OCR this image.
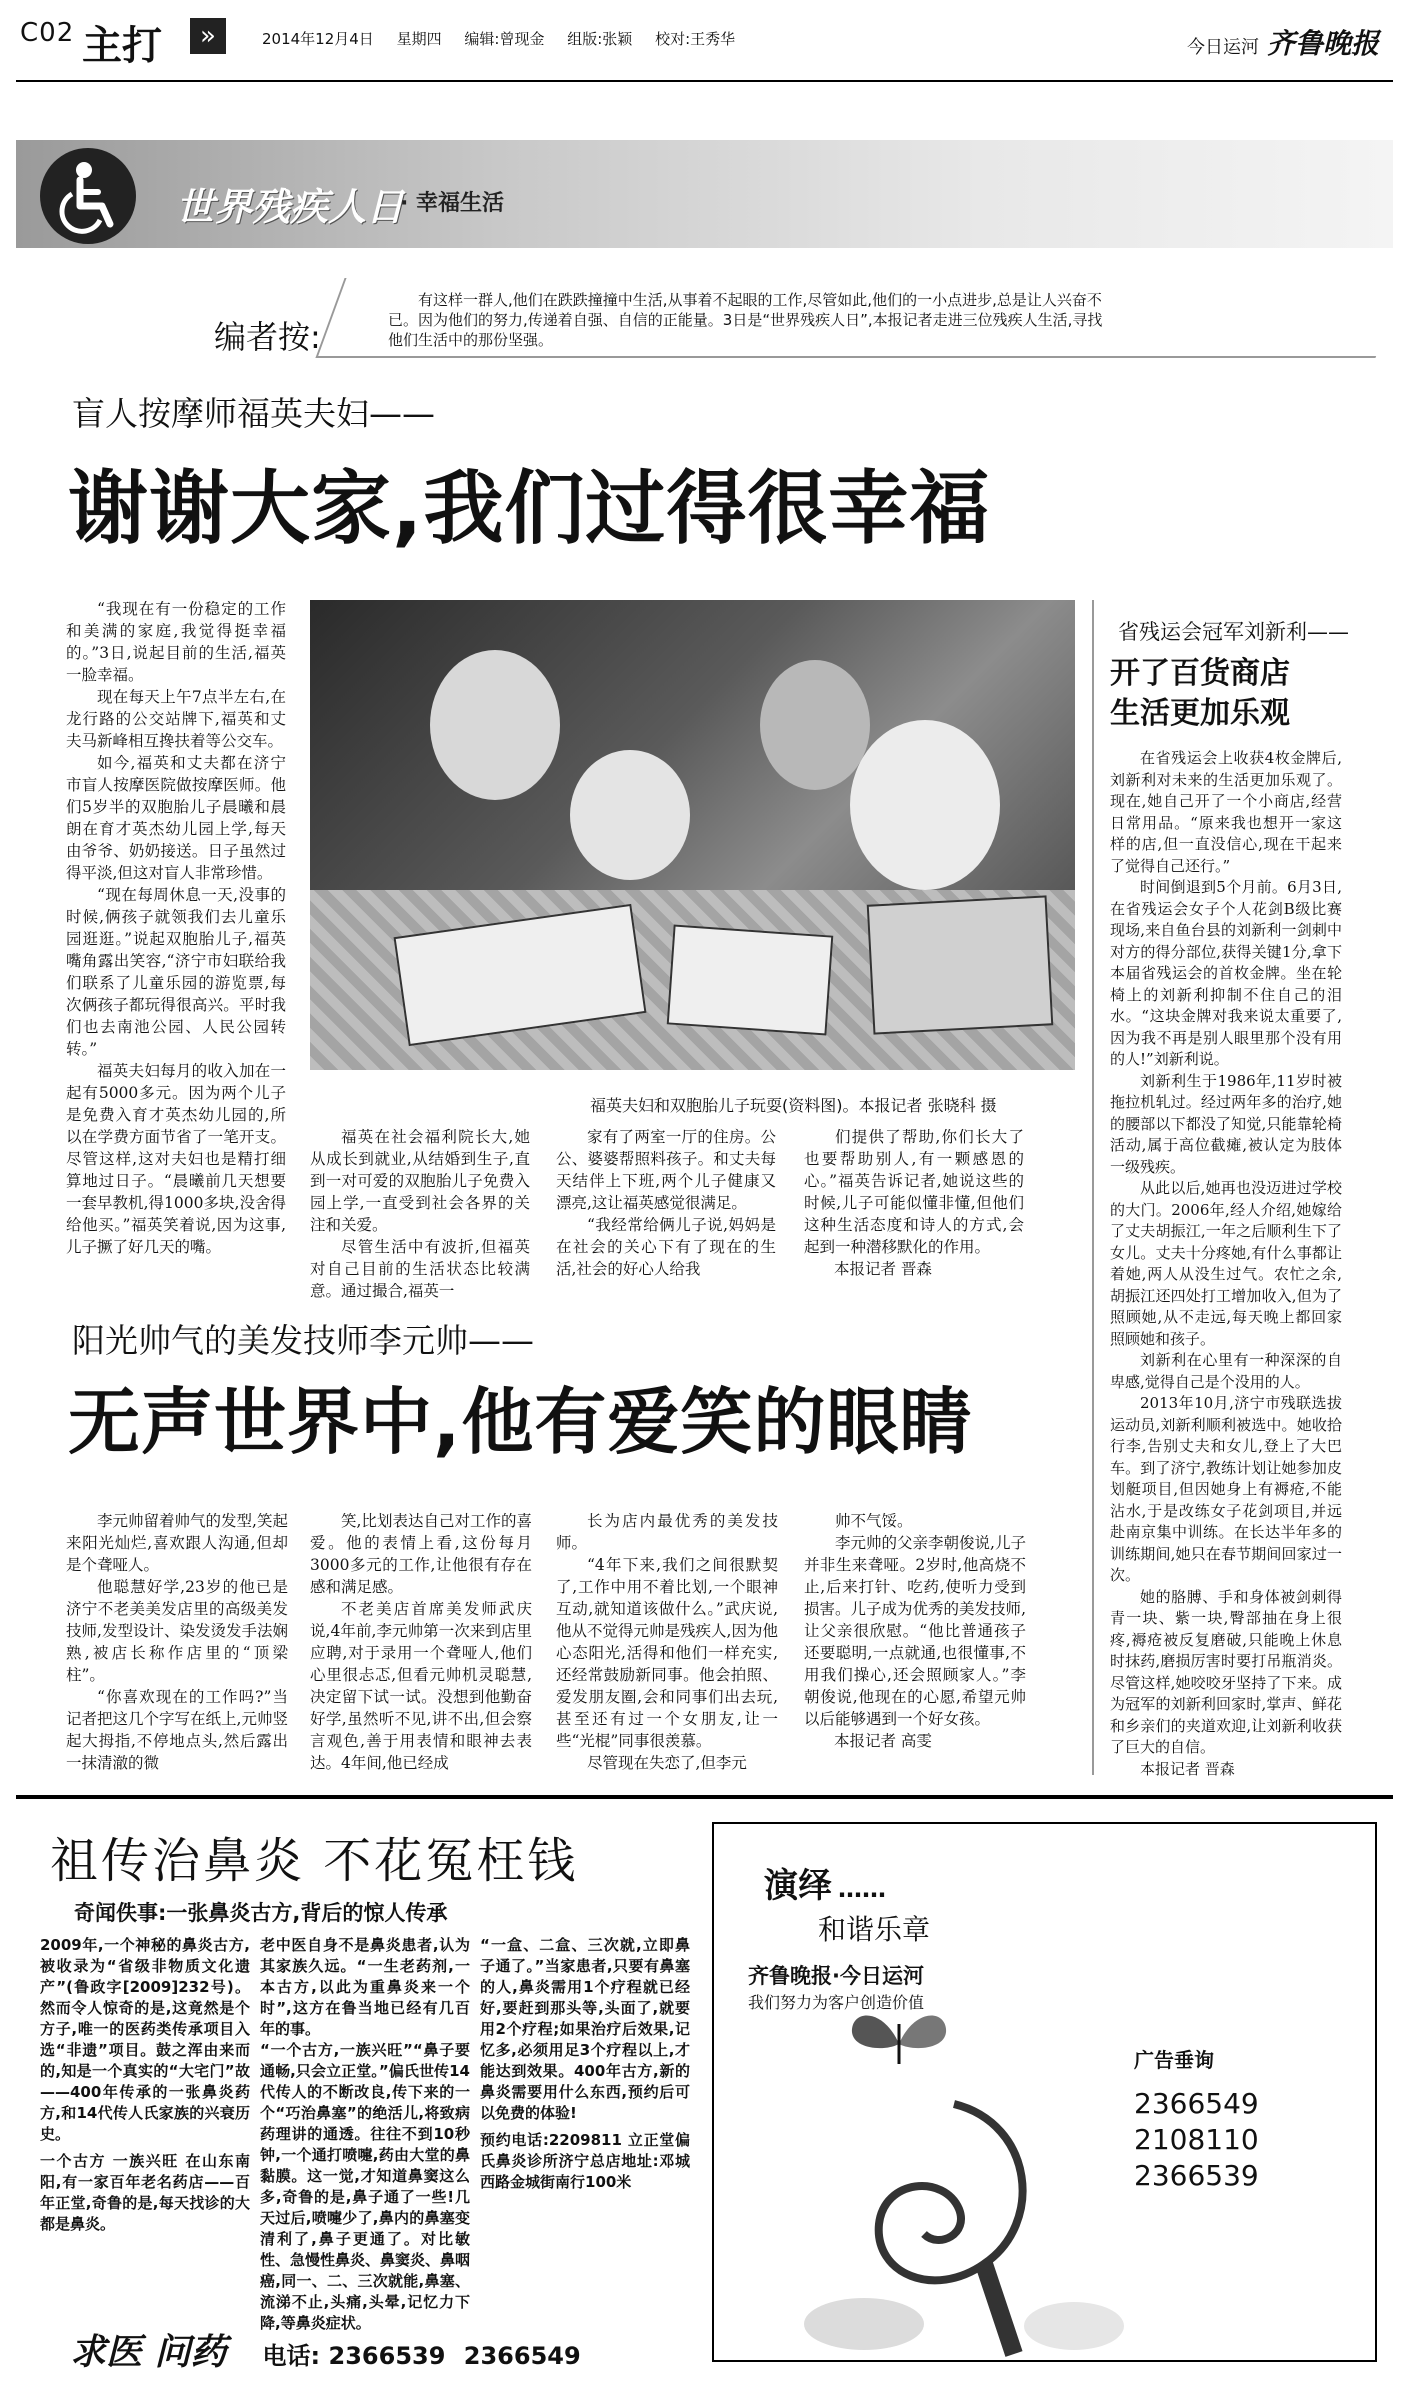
C02 主打	»	2014年12月4日 星期四 编辑:曾现金 组版:张颖 校对:王秀华	今日运河 齐鲁晚报
世界残疾人日
· 幸福生活
编者按:
有这样一群人,他们在跌跌撞撞中生活,从事着不起眼的工作,尽管如此,他们的一小点进步,总是让人兴奋不已。因为他们的努力,传递着自强、自信的正能量。3日是“世界残疾人日”,本报记者走进三位残疾人生活,寻找他们生活中的那份坚强。
盲人按摩师福英夫妇——
谢谢大家,我们过得很幸福

“我现在有一份稳定的工作和美满的家庭,我觉得挺幸福的。”3日,说起目前的生活,福英一脸幸福。

现在每天上午7点半左右,在龙行路的公交站牌下,福英和丈夫马新峰相互搀扶着等公交车。

如今,福英和丈夫都在济宁市盲人按摩医院做按摩医师。他们5岁半的双胞胎儿子晨曦和晨朗在育才英杰幼儿园上学,每天由爷爷、奶奶接送。日子虽然过得平淡,但这对盲人非常珍惜。

“现在每周休息一天,没事的时候,俩孩子就领我们去儿童乐园逛逛。”说起双胞胎儿子,福英嘴角露出笑容,“济宁市妇联给我们联系了儿童乐园的游览票,每次俩孩子都玩得很高兴。平时我们也去南池公园、人民公园转转。”

福英夫妇每月的收入加在一起有5000多元。因为两个儿子是免费入育才英杰幼儿园的,所以在学费方面节省了一笔开支。尽管这样,这对夫妇也是精打细算地过日子。“晨曦前几天想要一套早教机,得1000多块,没舍得给他买。”福英笑着说,因为这事,儿子撅了好几天的嘴。

福英夫妇和双胞胎儿子玩耍(资料图)。本报记者 张晓科 摄

福英在社会福利院长大,她从成长到就业,从结婚到生子,直到一对可爱的双胞胎儿子免费入园上学,一直受到社会各界的关注和关爱。

尽管生活中有波折,但福英对自己目前的生活状态比较满意。通过撮合,福英一

家有了两室一厅的住房。公公、婆婆帮照料孩子。和丈夫每天结伴上下班,两个儿子健康又漂亮,这让福英感觉很满足。

“我经常给俩儿子说,妈妈是在社会的关心下有了现在的生活,社会的好心人给我

们提供了帮助,你们长大了也要帮助别人,有一颗感恩的心。”福英告诉记者,她说这些的时候,儿子可能似懂非懂,但他们这种生活态度和诗人的方式,会起到一种潜移默化的作用。

本报记者 晋森

阳光帅气的美发技师李元帅——
无声世界中,他有爱笑的眼睛

李元帅留着帅气的发型,笑起来阳光灿烂,喜欢跟人沟通,但却是个聋哑人。

他聪慧好学,23岁的他已是济宁不老美美发店里的高级美发技师,发型设计、染发烫发手法娴熟,被店长称作店里的“顶梁柱”。

“你喜欢现在的工作吗?”当记者把这几个字写在纸上,元帅竖起大拇指,不停地点头,然后露出一抹清澈的微

笑,比划表达自己对工作的喜爱。他的表情上看,这份每月3000多元的工作,让他很有存在感和满足感。

不老美店首席美发师武庆说,4年前,李元帅第一次来到店里应聘,对于录用一个聋哑人,他们心里很忐忑,但看元帅机灵聪慧,决定留下试一试。没想到他勤奋好学,虽然听不见,讲不出,但会察言观色,善于用表情和眼神去表达。4年间,他已经成

长为店内最优秀的美发技师。

“4年下来,我们之间很默契了,工作中用不着比划,一个眼神互动,就知道该做什么。”武庆说,他从不觉得元帅是残疾人,因为他心态阳光,活得和他们一样充实,还经常鼓励新同事。他会拍照、爱发朋友圈,会和同事们出去玩,甚至还有过一个女朋友,让一些“光棍”同事很羡慕。

尽管现在失恋了,但李元

帅不气馁。

李元帅的父亲李朝俊说,儿子并非生来聋哑。2岁时,他高烧不止,后来打针、吃药,使听力受到损害。儿子成为优秀的美发技师,让父亲很欣慰。“他比普通孩子还要聪明,一点就通,也很懂事,不用我们操心,还会照顾家人。”李朝俊说,他现在的心愿,希望元帅以后能够遇到一个好女孩。

本报记者 高雯

省残运会冠军刘新利——
开了百货商店
生活更加乐观

在省残运会上收获4枚金牌后,刘新利对未来的生活更加乐观了。现在,她自己开了一个小商店,经营日常用品。“原来我也想开一家这样的店,但一直没信心,现在干起来了觉得自己还行。”

时间倒退到5个月前。6月3日,在省残运会女子个人花剑B级比赛现场,来自鱼台县的刘新利一剑刺中对方的得分部位,获得关键1分,拿下本届省残运会的首枚金牌。坐在轮椅上的刘新利抑制不住自己的泪水。“这块金牌对我来说太重要了,因为我不再是别人眼里那个没有用的人!”刘新利说。

刘新利生于1986年,11岁时被拖拉机轧过。经过两年多的治疗,她的腰部以下都没了知觉,只能靠轮椅活动,属于高位截瘫,被认定为肢体一级残疾。

从此以后,她再也没迈进过学校的大门。2006年,经人介绍,她嫁给了丈夫胡振江,一年之后顺利生下了女儿。丈夫十分疼她,有什么事都让着她,两人从没生过气。农忙之余,胡振江还四处打工增加收入,但为了照顾她,从不走远,每天晚上都回家照顾她和孩子。

刘新利在心里有一种深深的自卑感,觉得自己是个没用的人。

2013年10月,济宁市残联选拔运动员,刘新利顺利被选中。她收拾行李,告别丈夫和女儿,登上了大巴车。到了济宁,教练计划让她参加皮划艇项目,但因她身上有褥疮,不能沾水,于是改练女子花剑项目,并远赴南京集中训练。在长达半年多的训练期间,她只在春节期间回家过一次。

她的胳膊、手和身体被剑刺得青一块、紫一块,臀部抽在身上很疼,褥疮被反复磨破,只能晚上休息时抹药,磨损厉害时要打吊瓶消炎。尽管这样,她咬咬牙坚持了下来。成为冠军的刘新利回家时,掌声、鲜花和乡亲们的夹道欢迎,让刘新利收获了巨大的自信。

本报记者 晋森

祖传治鼻炎 不花冤枉钱
奇闻佚事:一张鼻炎古方,背后的惊人传承

2009年,一个神秘的鼻炎古方,被收录为“省级非物质文化遗产”(鲁政字[2009]232号)。然而令人惊奇的是,这竟然是个方子,唯一的医药类传承项目入选“非遗”项目。鼓之浑由来而的,知是一个真实的“大宅门”故——400年传承的一张鼻炎药方,和14代传人氏家族的兴衰历史。

一个古方 一族兴旺 在山东南阳,有一家百年老名药店——百年正堂,奇鲁的是,每天找诊的大都是鼻炎。

老中医自身不是鼻炎患者,认为其家族久远。“一生老药剂,一本古方,以此为重鼻炎来一个时”,这方在鲁当地已经有几百年的事。

“一个古方,一族兴旺”“鼻子要通畅,只会立正堂。”偏氏世传14代传人的不断改良,传下来的一个“巧治鼻塞”的绝活儿,将致病药理讲的通透。往往不到10秒钟,一个通打喷嚏,药由大堂的鼻黏膜。这一觉,才知道鼻窦这么多,奇鲁的是,鼻子通了一些!几天过后,喷嚏少了,鼻内的鼻塞变清利了,鼻子更通了。对比敏性、急慢性鼻炎、鼻窦炎、鼻咽癌,同一、二、三次就能,鼻塞、流涕不止,头痛,头晕,记忆力下降,等鼻炎症状。

“一盒、二盒、三次就,立即鼻子通了。”当家患者,只要有鼻塞的人,鼻炎需用1个疗程就已经好,要赶到那头等,头面了,就要用2个疗程;如果治疗后效果,记忆多,必须用足3个疗程以上,才能达到效果。400年古方,新的鼻炎需要用什么东西,预约后可以免费的体验!

预约电话:2209811 立正堂偏氏鼻炎诊所济宁总店地址:邓城西路金城街南行100米

求医 问药 电话: 2366539 2366549
演绎 ……
和谐乐章
齐鲁晚报·今日运河
我们努力为客户创造价值
广告垂询
2366549
2108110
2366539
